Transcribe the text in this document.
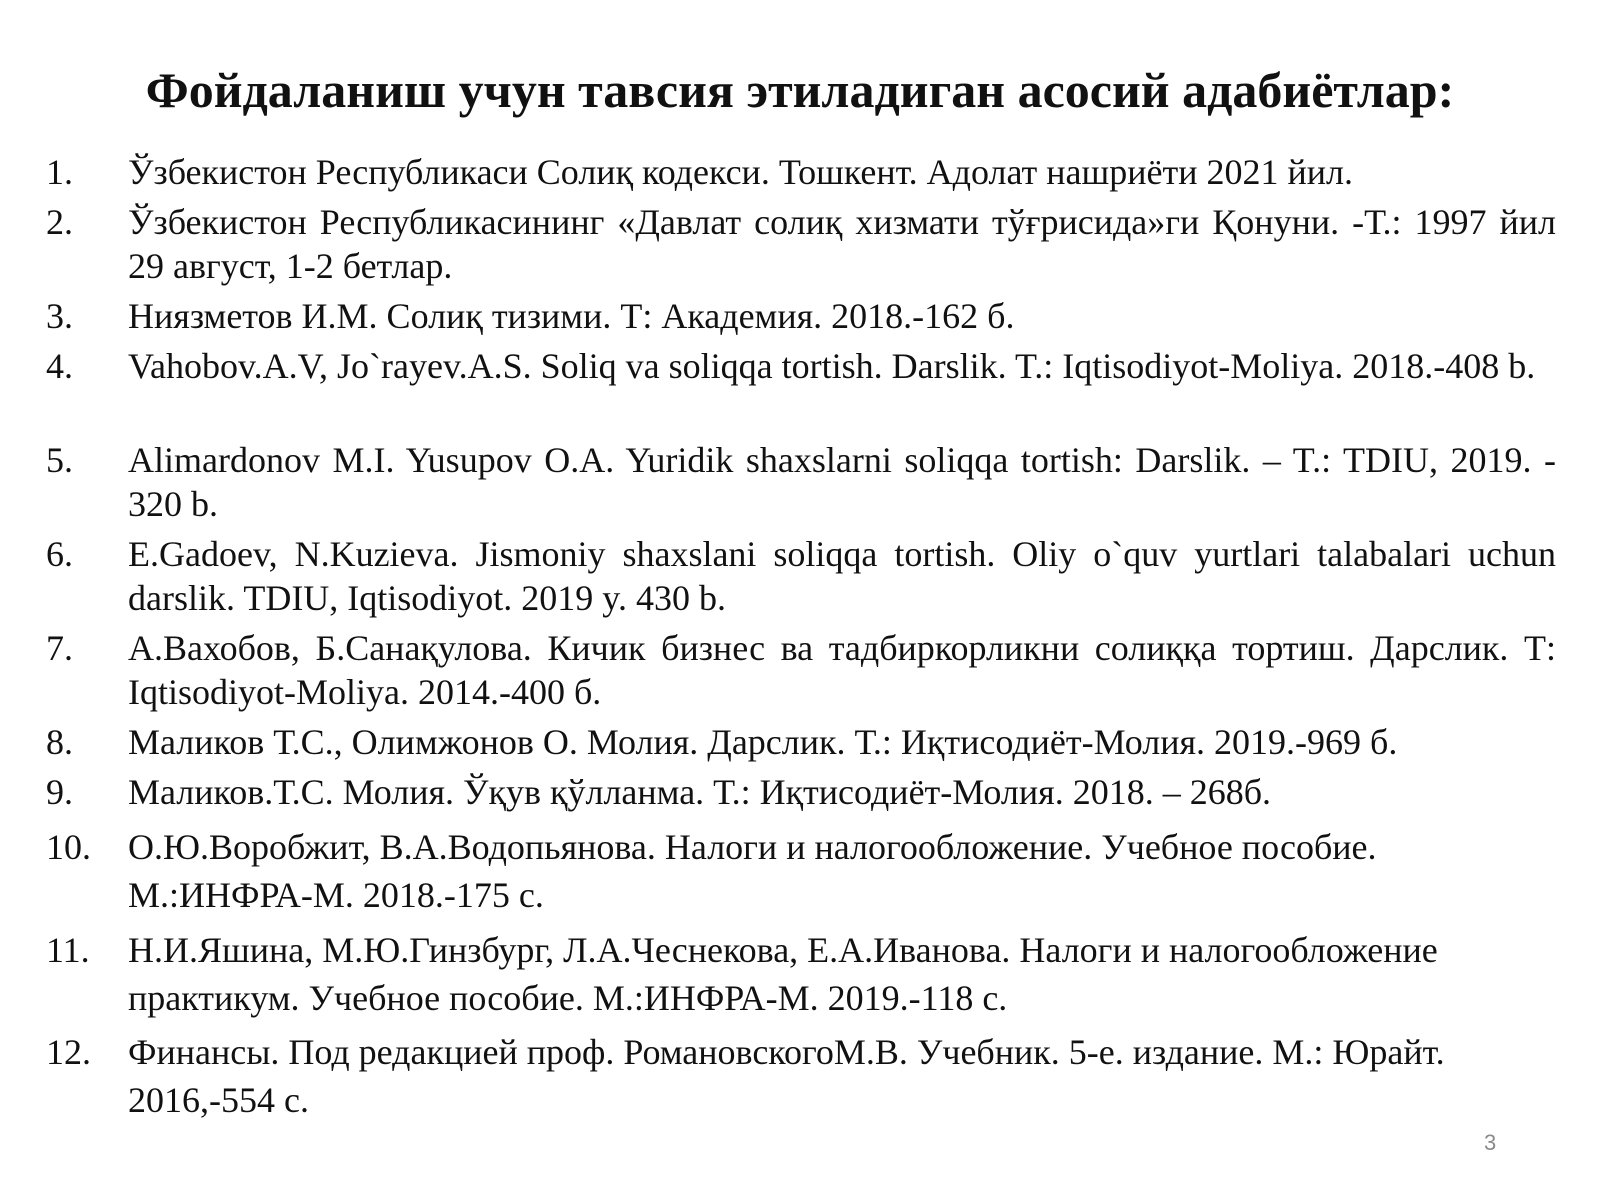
Фойдаланиш учун тавсия этиладиган асосий адабиётлар:
1.	Ўзбекистон Республикаси Солиқ кодекси. Тошкент. Адолат нашриёти 2021 йил.
2.	Ўзбекистон Республикасининг «Давлат солиқ хизмати тўғрисида»ги Қонуни. -Т.: 1997 йил 29 август, 1-2 бетлар.
3.	Ниязметов И.М. Солиқ тизими. Т: Академия. 2018.-162 б.
4.	Vahobov.A.V, Jo`rayev.A.S. Soliq va soliqqa tortish. Darslik. T.: Iqtisodiyot-Moliya. 2018.-408 b.
5.	Alimardonov M.I. Yusupov O.A. Yuridik shaxslarni soliqqa tortish: Darslik. – T.: TDIU, 2019. - 320 b.
6.	E.Gadoev, N.Kuzieva. Jismoniy shaxslani soliqqa tortish. Oliy o`quv yurtlari talabalari uchun darslik. TDIU, Iqtisodiyot. 2019 y. 430 b.
7.	А.Вахобов, Б.Санақулова. Кичик бизнес ва тадбиркорликни солиққа тортиш. Дарслик. Т: Iqtisodiyot-Moliya. 2014.-400 б.
8.	Маликов Т.С., Олимжонов О. Молия. Дарслик. Т.: Иқтисодиёт-Молия. 2019.-969 б.
9.	Маликов.Т.С. Молия. Ўқув қўлланма. Т.: Иқтисодиёт-Молия. 2018. – 268б.
10.	О.Ю.Воробжит, В.А.Водопьянова. Налоги и налогообложение. Учебное пособие. М.:ИНФРА-М. 2018.-175 с.
11.	Н.И.Яшина, М.Ю.Гинзбург, Л.А.Чеснекова, Е.А.Иванова. Налоги и налогообложение практикум. Учебное пособие. М.:ИНФРА-М. 2019.-118 с.
12.	Финансы. Под редакцией проф. РомановскогоМ.В. Учебник. 5-е. издание. М.: Юрайт. 2016,-554 с.
3
